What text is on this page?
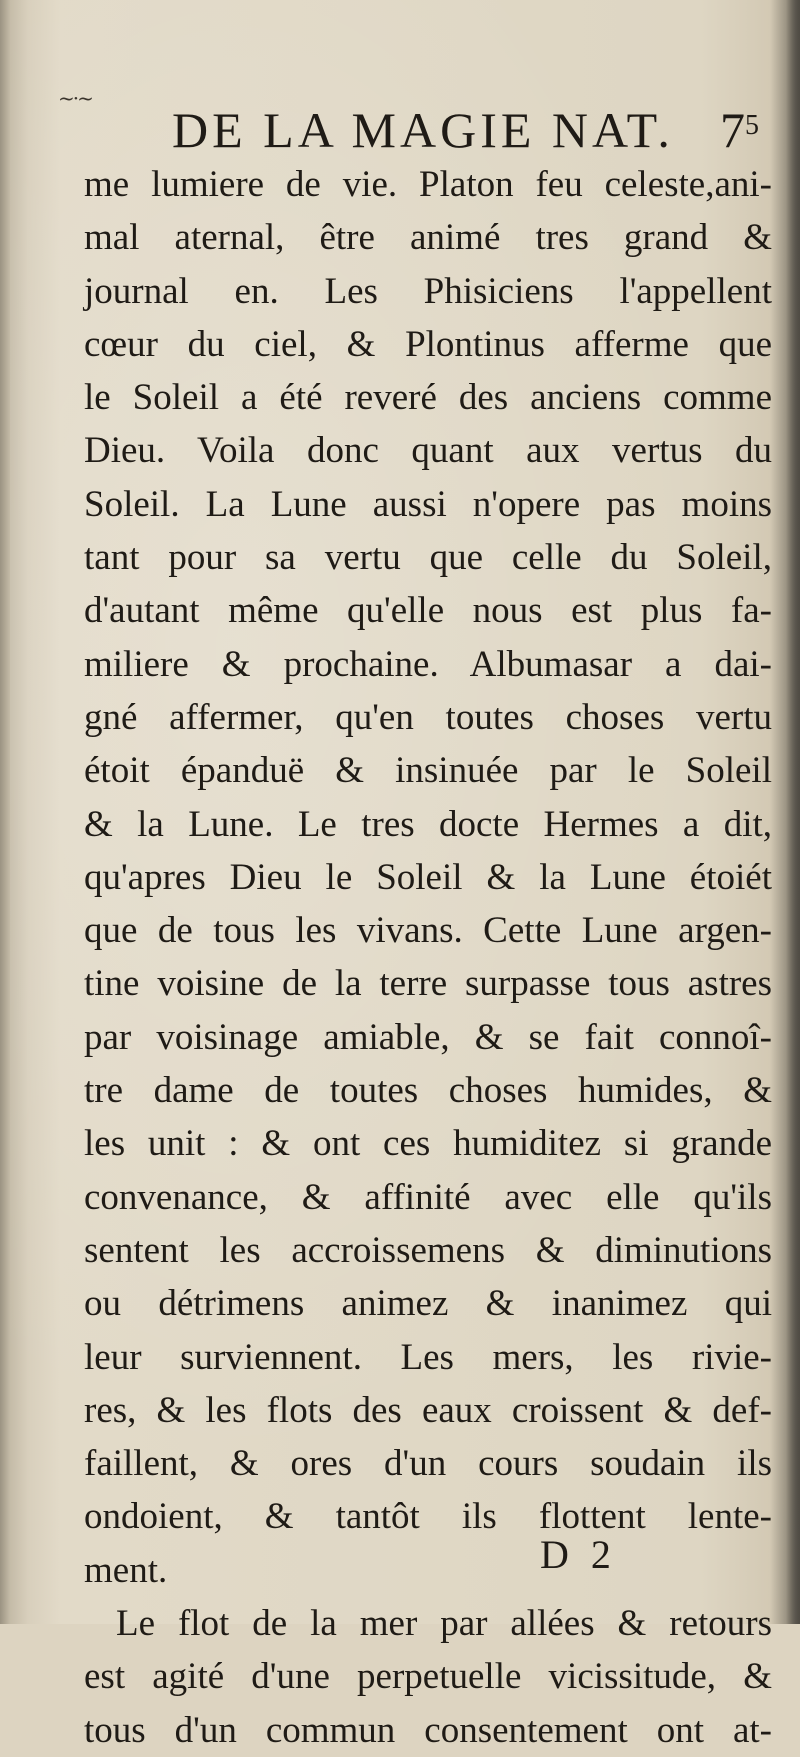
~·~
DE LA MAGIE NAT. $7^5$
me lumiere de vie. Platon feu celeste,ani-
mal aternal, être animé tres grand &
journal en. Les Phisiciens l'appellent
cœur du ciel, & Plontinus afferme que
le Soleil a été reveré des anciens comme
Dieu. Voila donc quant aux vertus du
Soleil. La Lune aussi n'opere pas moins
tant pour sa vertu que celle du Soleil,
d'autant même qu'elle nous est plus fa-
miliere & prochaine. Albumasar a dai-
gné affermer, qu'en toutes choses vertu
étoit épanduë & insinuée par le Soleil
& la Lune. Le tres docte Hermes a dit,
qu'apres Dieu le Soleil & la Lune étoiét
que de tous les vivans. Cette Lune argen-
tine voisine de la terre surpasse tous astres
par voisinage amiable, & se fait connoî-
tre dame de toutes choses humides, &
les unit : & ont ces humiditez si grande
convenance, & affinité avec elle qu'ils
sentent les accroissemens & diminutions
ou détrimens animez & inanimez qui
leur surviennent. Les mers, les rivie-
res, & les flots des eaux croissent & def-
faillent, & ores d'un cours soudain ils
ondoient, & tantôt ils flottent lente-
ment.
Le flot de la mer par allées & retours
est agité d'une perpetuelle vicissitude, &
tous d'un commun consentement ont at-
D 2
